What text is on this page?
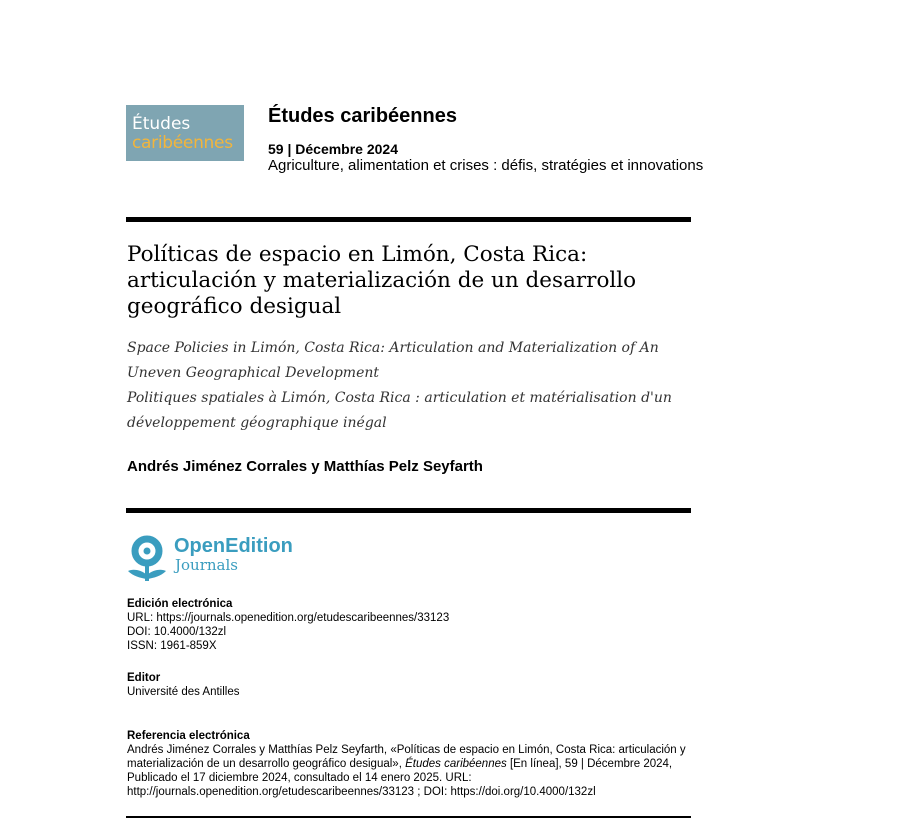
Études
caribéennes
Études caribéennes
59 | Décembre 2024
Agriculture, alimentation et crises : défis, stratégies et innovations
Políticas de espacio en Limón, Costa Rica: articulación y materialización de un desarrollo geográfico desigual
Space Policies in Limón, Costa Rica: Articulation and Materialization of An Uneven Geographical Development
Politiques spatiales à Limón, Costa Rica : articulation et matérialisation d'un développement géographique inégal
Andrés Jiménez Corrales y Matthías Pelz Seyfarth
OpenEdition
Journals
Edición electrónica
URL: https://journals.openedition.org/etudescaribeennes/33123
DOI: 10.4000/132zl
ISSN: 1961-859X
Editor
Université des Antilles
Referencia electrónica
Andrés Jiménez Corrales y Matthías Pelz Seyfarth, «Políticas de espacio en Limón, Costa Rica: articulación y materialización de un desarrollo geográfico desigual», Études caribéennes [En línea], 59 | Décembre 2024, Publicado el 17 diciembre 2024, consultado el 14 enero 2025. URL: http://journals.openedition.org/etudescaribeennes/33123 ; DOI: https://doi.org/10.4000/132zl
